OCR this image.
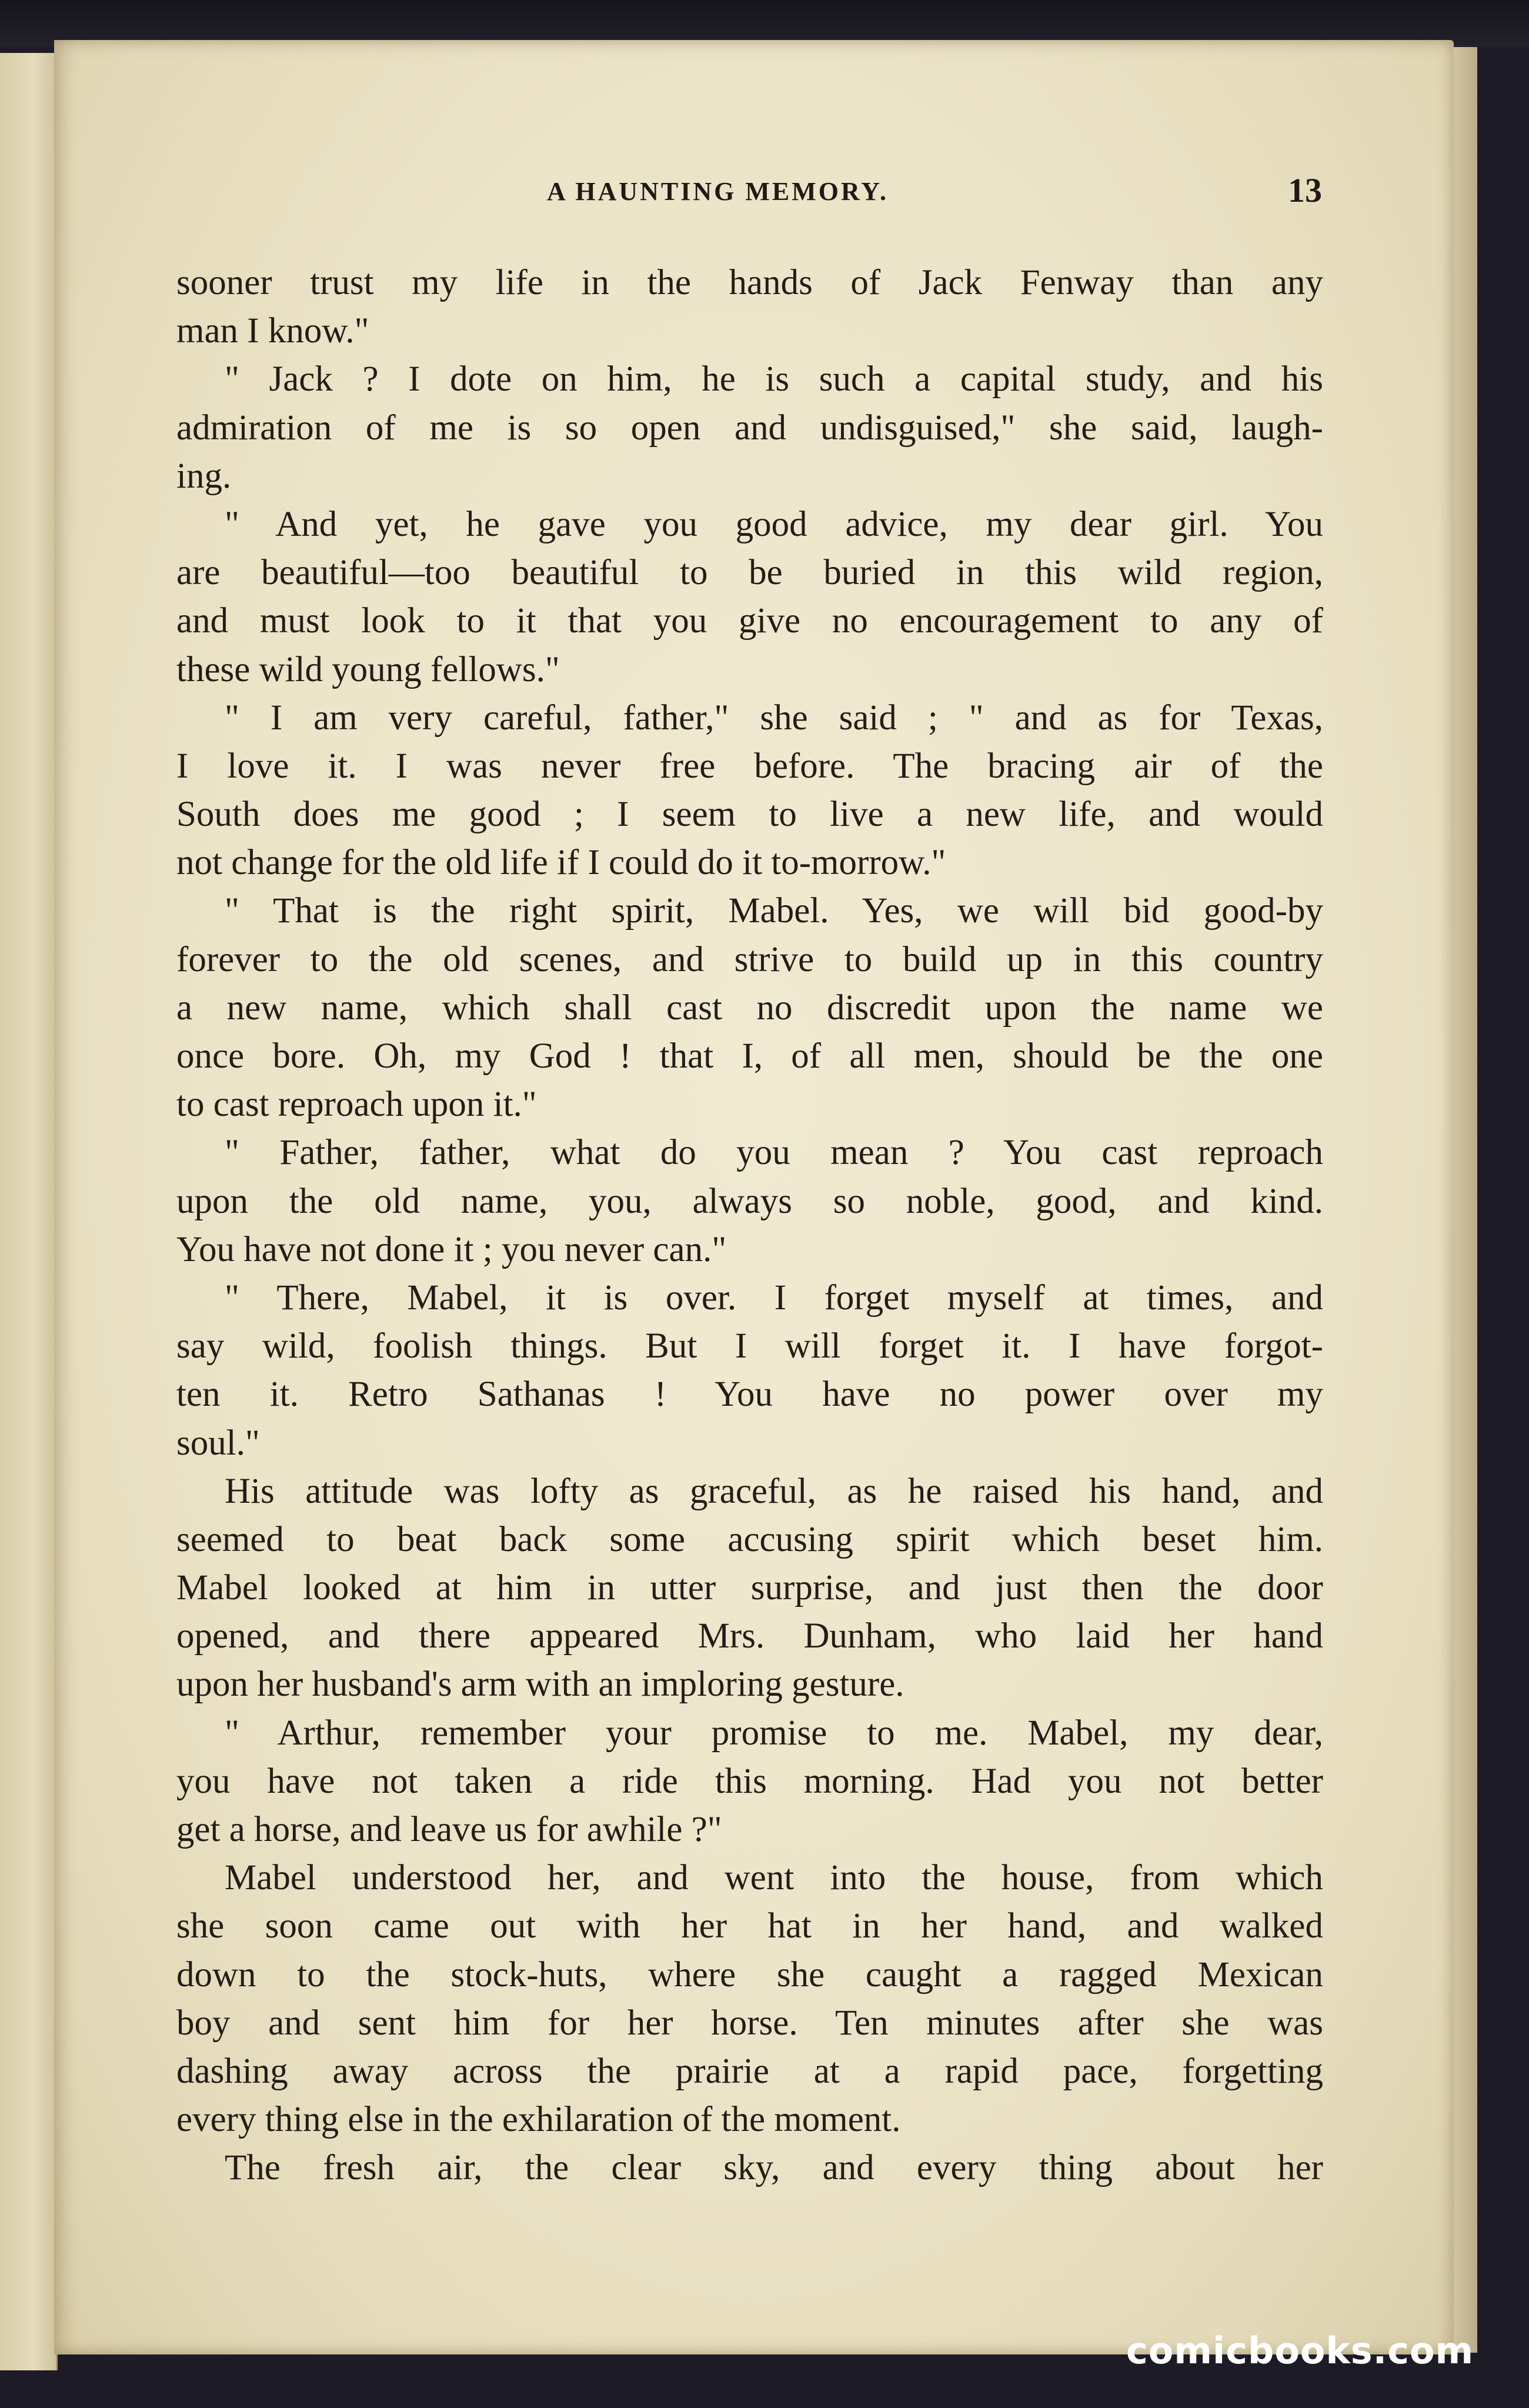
A HAUNTING MEMORY.	13
sooner trust my life in the hands of Jack Fenway than any
man I know."
" Jack ? I dote on him, he is such a capital study, and his
admiration of me is so open and undisguised," she said, laugh-
ing.
" And yet, he gave you good advice, my dear girl. You
are beautiful—too beautiful to be buried in this wild region,
and must look to it that you give no encouragement to any of
these wild young fellows."
" I am very careful, father," she said ; " and as for Texas,
I love it. I was never free before. The bracing air of the
South does me good ; I seem to live a new life, and would
not change for the old life if I could do it to-morrow."
" That is the right spirit, Mabel. Yes, we will bid good-by
forever to the old scenes, and strive to build up in this country
a new name, which shall cast no discredit upon the name we
once bore. Oh, my God ! that I, of all men, should be the one
to cast reproach upon it."
" Father, father, what do you mean ? You cast reproach
upon the old name, you, always so noble, good, and kind.
You have not done it ; you never can."
" There, Mabel, it is over. I forget myself at times, and
say wild, foolish things. But I will forget it. I have forgot-
ten it. Retro Sathanas ! You have no power over my
soul."
His attitude was lofty as graceful, as he raised his hand, and
seemed to beat back some accusing spirit which beset him.
Mabel looked at him in utter surprise, and just then the door
opened, and there appeared Mrs. Dunham, who laid her hand
upon her husband's arm with an imploring gesture.
" Arthur, remember your promise to me. Mabel, my dear,
you have not taken a ride this morning. Had you not better
get a horse, and leave us for awhile ?"
Mabel understood her, and went into the house, from which
she soon came out with her hat in her hand, and walked
down to the stock-huts, where she caught a ragged Mexican
boy and sent him for her horse. Ten minutes after she was
dashing away across the prairie at a rapid pace, forgetting
every thing else in the exhilaration of the moment.
The fresh air, the clear sky, and every thing about her
comicbooks.com
